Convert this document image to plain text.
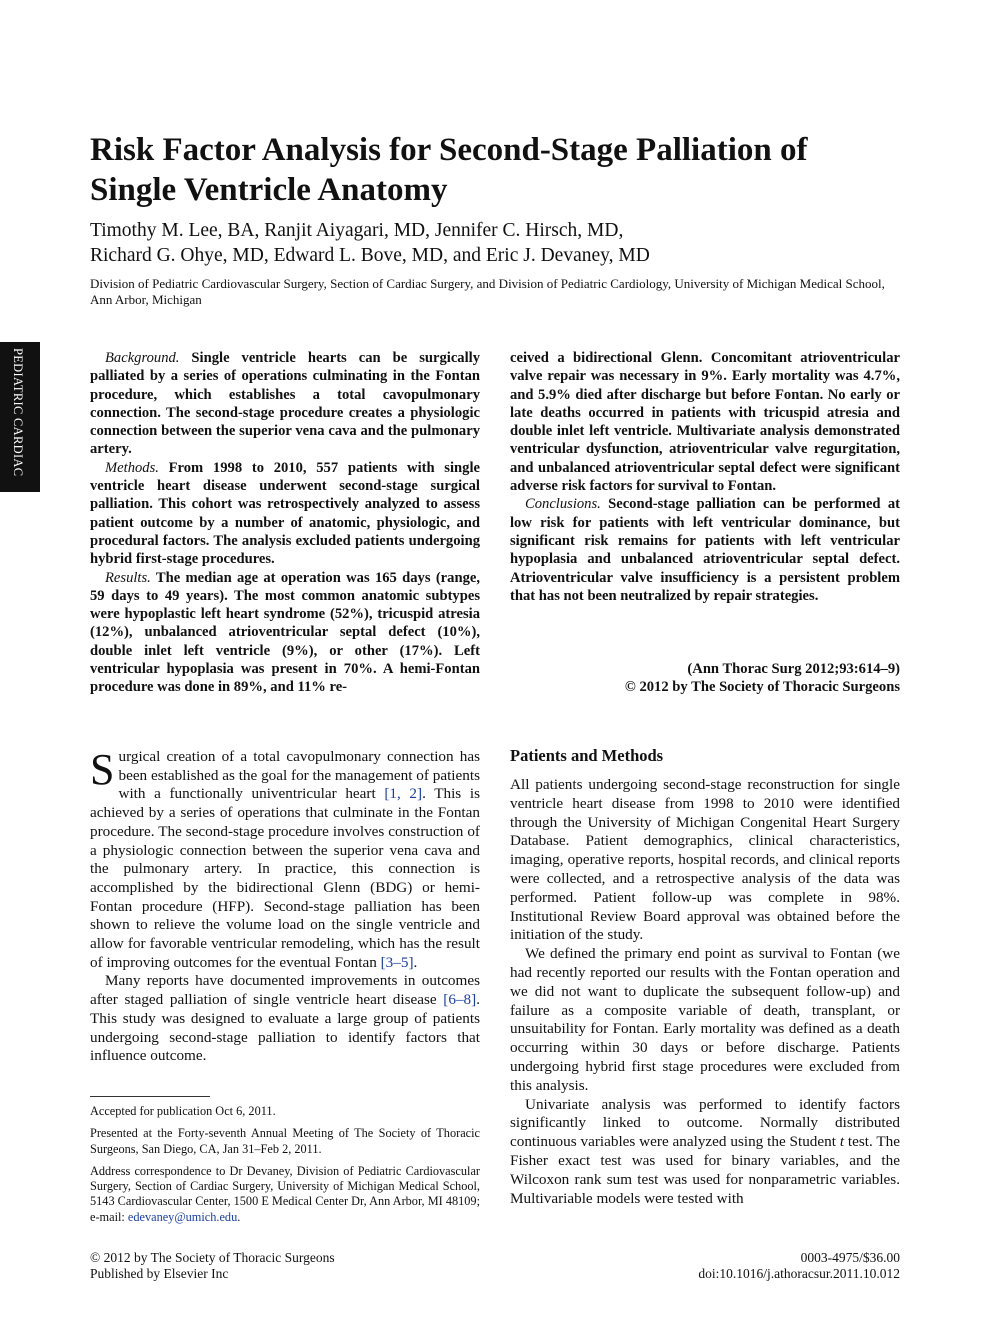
PEDIATRIC CARDIAC
Risk Factor Analysis for Second-Stage Palliation of
Single Ventricle Anatomy
Timothy M. Lee, BA, Ranjit Aiyagari, MD, Jennifer C. Hirsch, MD,
Richard G. Ohye, MD, Edward L. Bove, MD, and Eric J. Devaney, MD
Division of Pediatric Cardiovascular Surgery, Section of Cardiac Surgery, and Division of Pediatric Cardiology, University of Michigan Medical School, Ann Arbor, Michigan

Background. Single ventricle hearts can be surgically palliated by a series of operations culminating in the Fontan procedure, which establishes a total cavopulmonary connection. The second-stage procedure creates a physiologic connection between the superior vena cava and the pulmonary artery.

Methods. From 1998 to 2010, 557 patients with single ventricle heart disease underwent second-stage surgical palliation. This cohort was retrospectively analyzed to assess patient outcome by a number of anatomic, physiologic, and procedural factors. The analysis excluded patients undergoing hybrid first-stage procedures.

Results. The median age at operation was 165 days (range, 59 days to 49 years). The most common anatomic subtypes were hypoplastic left heart syndrome (52%), tricuspid atresia (12%), unbalanced atrioventricular septal defect (10%), double inlet left ventricle (9%), or other (17%). Left ventricular hypoplasia was present in 70%. A hemi-Fontan procedure was done in 89%, and 11% re-

ceived a bidirectional Glenn. Concomitant atrioventricular valve repair was necessary in 9%. Early mortality was 4.7%, and 5.9% died after discharge but before Fontan. No early or late deaths occurred in patients with tricuspid atresia and double inlet left ventricle. Multivariate analysis demonstrated ventricular dysfunction, atrioventricular valve regurgitation, and unbalanced atrioventricular septal defect were significant adverse risk factors for survival to Fontan.

Conclusions. Second-stage palliation can be performed at low risk for patients with left ventricular dominance, but significant risk remains for patients with left ventricular hypoplasia and unbalanced atrioventricular septal defect. Atrioventricular valve insufficiency is a persistent problem that has not been neutralized by repair strategies.

(Ann Thorac Surg 2012;93:614–9)
© 2012 by The Society of Thoracic Surgeons

Surgical creation of a total cavopulmonary connection has been established as the goal for the management of patients with a functionally univentricular heart [1, 2]. This is achieved by a series of operations that culminate in the Fontan procedure. The second-stage procedure involves construction of a physiologic connection between the superior vena cava and the pulmonary artery. In practice, this connection is accomplished by the bidirectional Glenn (BDG) or hemi-Fontan procedure (HFP). Second-stage palliation has been shown to relieve the volume load on the single ventricle and allow for favorable ventricular remodeling, which has the result of improving outcomes for the eventual Fontan [3–5].

Many reports have documented improvements in outcomes after staged palliation of single ventricle heart disease [6–8]. This study was designed to evaluate a large group of patients undergoing second-stage palliation to identify factors that influence outcome.

Patients and Methods

All patients undergoing second-stage reconstruction for single ventricle heart disease from 1998 to 2010 were identified through the University of Michigan Congenital Heart Surgery Database. Patient demographics, clinical characteristics, imaging, operative reports, hospital records, and clinical reports were collected, and a retrospective analysis of the data was performed. Patient follow-up was complete in 98%. Institutional Review Board approval was obtained before the initiation of the study.

We defined the primary end point as survival to Fontan (we had recently reported our results with the Fontan operation and we did not want to duplicate the subsequent follow-up) and failure as a composite variable of death, transplant, or unsuitability for Fontan. Early mortality was defined as a death occurring within 30 days or before discharge. Patients undergoing hybrid first stage procedures were excluded from this analysis.

Univariate analysis was performed to identify factors significantly linked to outcome. Normally distributed continuous variables were analyzed using the Student t test. The Fisher exact test was used for binary variables, and the Wilcoxon rank sum test was used for nonparametric variables. Multivariable models were tested with

Accepted for publication Oct 6, 2011.

Presented at the Forty-seventh Annual Meeting of The Society of Thoracic Surgeons, San Diego, CA, Jan 31–Feb 2, 2011.

Address correspondence to Dr Devaney, Division of Pediatric Cardiovascular Surgery, Section of Cardiac Surgery, University of Michigan Medical School, 5143 Cardiovascular Center, 1500 E Medical Center Dr, Ann Arbor, MI 48109; e-mail: edevaney@umich.edu.

© 2012 by The Society of Thoracic Surgeons
Published by Elsevier Inc
0003-4975/$36.00
doi:10.1016/j.athoracsur.2011.10.012
